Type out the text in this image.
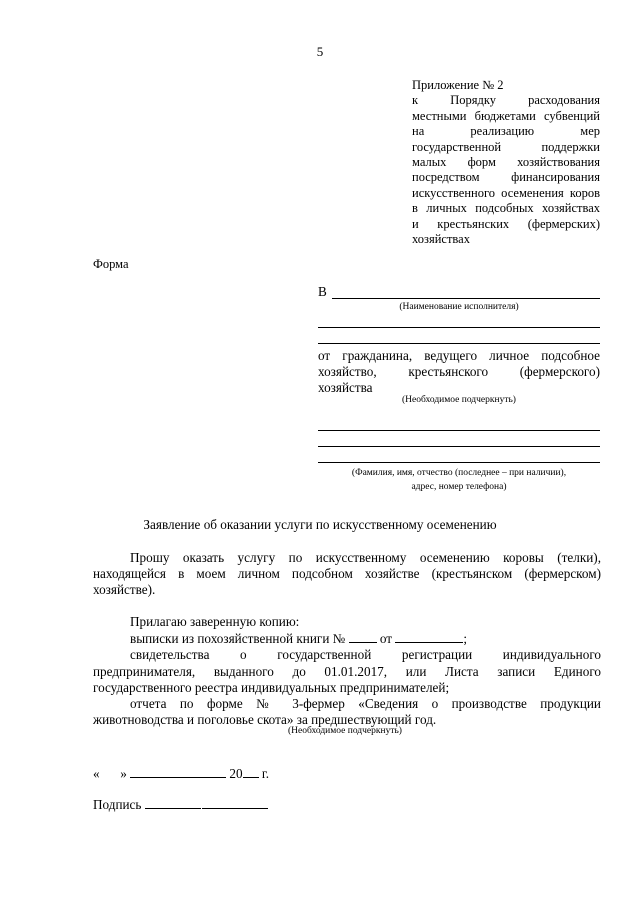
5
Приложение № 2
к Порядку расходования
местными бюджетами субвенций
на реализацию мер
государственной поддержки
малых форм хозяйствования
посредством финансирования
искусственного осеменения коров
в личных подсобных хозяйствах
и крестьянских (фермерских)
хозяйствах
Форма
В
(Наименование исполнителя)
от гражданина, ведущего личное подсобное
хозяйство, крестьянского (фермерского)
хозяйства
(Необходимое подчеркнуть)
(Фамилия, имя, отчество (последнее – при наличии),
адрес, номер телефона)
Заявление об оказании услуги по искусственному осеменению
Прошу оказать услугу по искусственному осеменению коровы (телки),
находящейся в моем личном подсобном хозяйстве (крестьянском (фермерском)
хозяйстве).
Прилагаю заверенную копию:
выписки из похозяйственной книги №	от	;
свидетельства о государственной регистрации индивидуального
предпринимателя, выданного до 01.01.2017, или Листа записи Единого
государственного реестра индивидуальных предпринимателей;
отчета по форме № 3-фермер «Сведения о производстве продукции
животноводства и поголовье скота» за предшествующий год.
(Необходимое подчеркнуть)
« »	20 г.
Подпись
